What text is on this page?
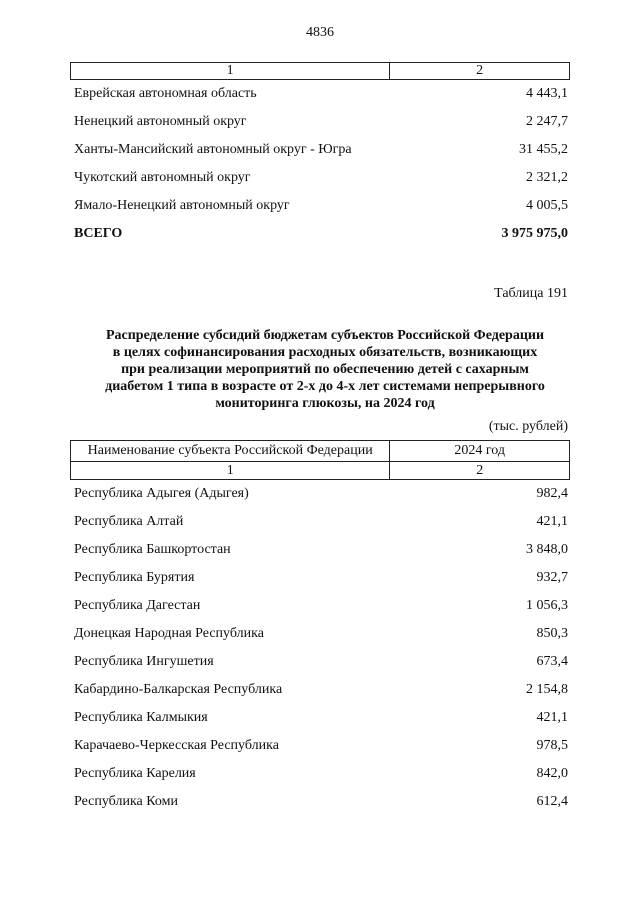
4836
1	2
Еврейская автономная область	4 443,1
Ненецкий автономный округ	2 247,7
Ханты-Мансийский автономный округ - Югра	31 455,2
Чукотский автономный округ	2 321,2
Ямало-Ненецкий автономный округ	4 005,5
ВСЕГО	3 975 975,0
Таблица 191
Распределение субсидий бюджетам субъектов Российской Федерации
в целях софинансирования расходных обязательств, возникающих
при реализации мероприятий по обеспечению детей с сахарным
диабетом 1 типа в возрасте от 2-х до 4-х лет системами непрерывного
мониторинга глюкозы, на 2024 год
(тыс. рублей)
Наименование субъекта Российской Федерации	2024 год
1	2
Республика Адыгея (Адыгея)	982,4
Республика Алтай	421,1
Республика Башкортостан	3 848,0
Республика Бурятия	932,7
Республика Дагестан	1 056,3
Донецкая Народная Республика	850,3
Республика Ингушетия	673,4
Кабардино-Балкарская Республика	2 154,8
Республика Калмыкия	421,1
Карачаево-Черкесская Республика	978,5
Республика Карелия	842,0
Республика Коми	612,4
